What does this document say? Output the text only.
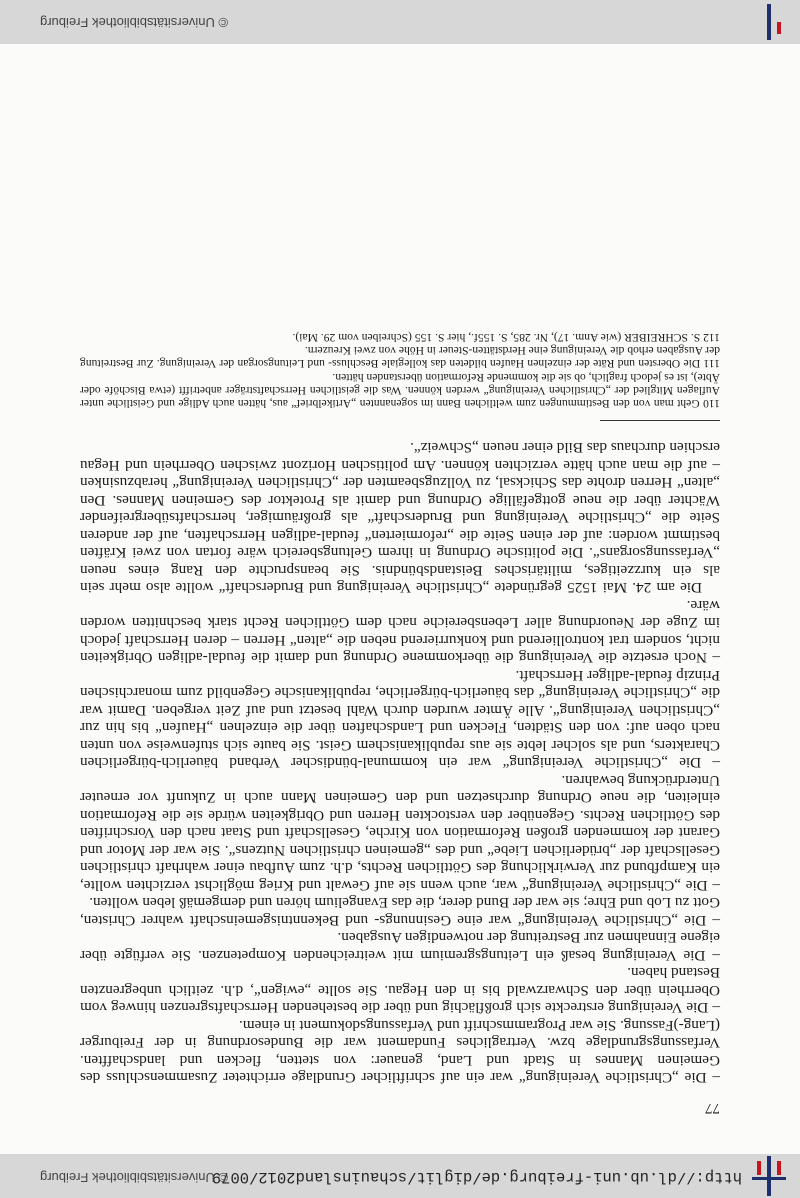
http://dl.ub.uni-freiburg.de/diglit/schauinsland2012/0079
© Universitätsbibliothek Freiburg
77

– Die „Christliche Vereinigung“ war ein auf schriftlicher Grundlage errichteter Zusammenschluss des Gemeinen Mannes in Stadt und Land, genauer: von stetten, flecken und landschafften. Verfassungsgrundlage bzw. Vertragliches Fundament war die Bundesordnung in der Freiburger (Lang-)Fassung. Sie war Programmschrift und Verfassungsdokument in einem.

– Die Vereinigung erstreckte sich großflächig und über die bestehenden Herrschaftsgrenzen hinweg vom Oberrhein über den Schwarzwald bis in den Hegau. Sie sollte „ewigen“, d.h. zeitlich unbegrenzten Bestand haben.

– Die Vereinigung besaß ein Leitungsgremium mit weitreichenden Kompetenzen. Sie verfügte über eigene Einnahmen zur Bestreitung der notwendigen Ausgaben.

– Die „Christliche Vereinigung“ war eine Gesinnungs- und Bekenntnisgemeinschaft wahrer Christen, Gott zu Lob und Ehre; sie war der Bund derer, die das Evangelium hören und demgemäß leben wollten.

– Die „Christliche Vereinigung“ war, auch wenn sie auf Gewalt und Krieg möglichst verzichten wollte, ein Kampfbund zur Verwirklichung des Göttlichen Rechts, d.h. zum Aufbau einer wahrhaft christlichen Gesellschaft der „brüderlichen Liebe“ und des „gemeinen christlichen Nutzens“. Sie war der Motor und Garant der kommenden großen Reformation von Kirche, Gesellschaft und Staat nach den Vorschriften des Göttlichen Rechts. Gegenüber den verstockten Herren und Obrigkeiten würde sie die Reformation einleiten, die neue Ordnung durchsetzen und den Gemeinen Mann auch in Zukunft vor erneuter Unterdrückung bewahren.

– Die „Christliche Vereinigung“ war ein kommunal-bündischer Verband bäuerlich-bürgerlichen Charakters, und als solcher lebte sie aus republikanischem Geist. Sie baute sich stufenweise von unten nach oben auf: von den Städten, Flecken und Landschaften über die einzelnen „Haufen“ bis hin zur „Christlichen Vereinigung“. Alle Ämter wurden durch Wahl besetzt und auf Zeit vergeben. Damit war die „Christliche Vereinigung“ das bäuerlich-bürgerliche, republikanische Gegenbild zum monarchischen Prinzip feudal-adliger Herrschaft.

– Noch ersetzte die Vereinigung die überkommene Ordnung und damit die feudal-adligen Obrigkeiten nicht, sondern trat kontrollierend und konkurrierend neben die „alten“ Herren – deren Herrschaft jedoch im Zuge der Neuordnung aller Lebensbereiche nach dem Göttlichen Recht stark beschnitten worden wäre.

Die am 24. Mai 1525 gegründete „Christliche Vereinigung und Bruderschaft“ wollte also mehr sein als ein kurzzeitiges, militärisches Beistandsbündnis. Sie beanspruchte den Rang eines neuen „Verfassungsorgans“. Die politische Ordnung in ihrem Geltungsbereich wäre fortan von zwei Kräften bestimmt worden: auf der einen Seite die „reformierten“ feudal-adligen Herrschaften, auf der anderen Seite die „Christliche Vereinigung und Bruderschaft“ als großräumiger, herrschaftsübergreifender Wächter über die neue gottgefällige Ordnung und damit als Protektor des Gemeinen Mannes. Den „alten“ Herren drohte das Schicksal, zu Vollzugsbeamten der „Christlichen Vereinigung“ herabzusinken – auf die man auch hätte verzichten können. Am politischen Horizont zwischen Oberrhein und Hegau erschien durchaus das Bild einer neuen „Schweiz“.

110 Geht man von den Bestimmungen zum weltlichen Bann im sogenannten „Artikelbrief“ aus, hätten auch Adlige und Geistliche unter Auflagen Mitglied der „Christlichen Vereinigung“ werden können. Was die geistlichen Herrschaftsträger anbetrifft (etwa Bischöfe oder Äbte), ist es jedoch fraglich, ob sie die kommende Reformation überstanden hätten.

111 Die Obersten und Räte der einzelnen Haufen bildeten das kollegiale Beschluss- und Leitungsorgan der Vereinigung. Zur Bestreitung der Ausgaben erhob die Vereinigung eine Herdstätten-Steuer in Höhe von zwei Kreuzern.

112 S. SCHREIBER (wie Anm. 17), Nr. 285, S. 155f., hier S. 155 (Schreiben vom 29. Mai).

© Universitätsbibliothek Freiburg
